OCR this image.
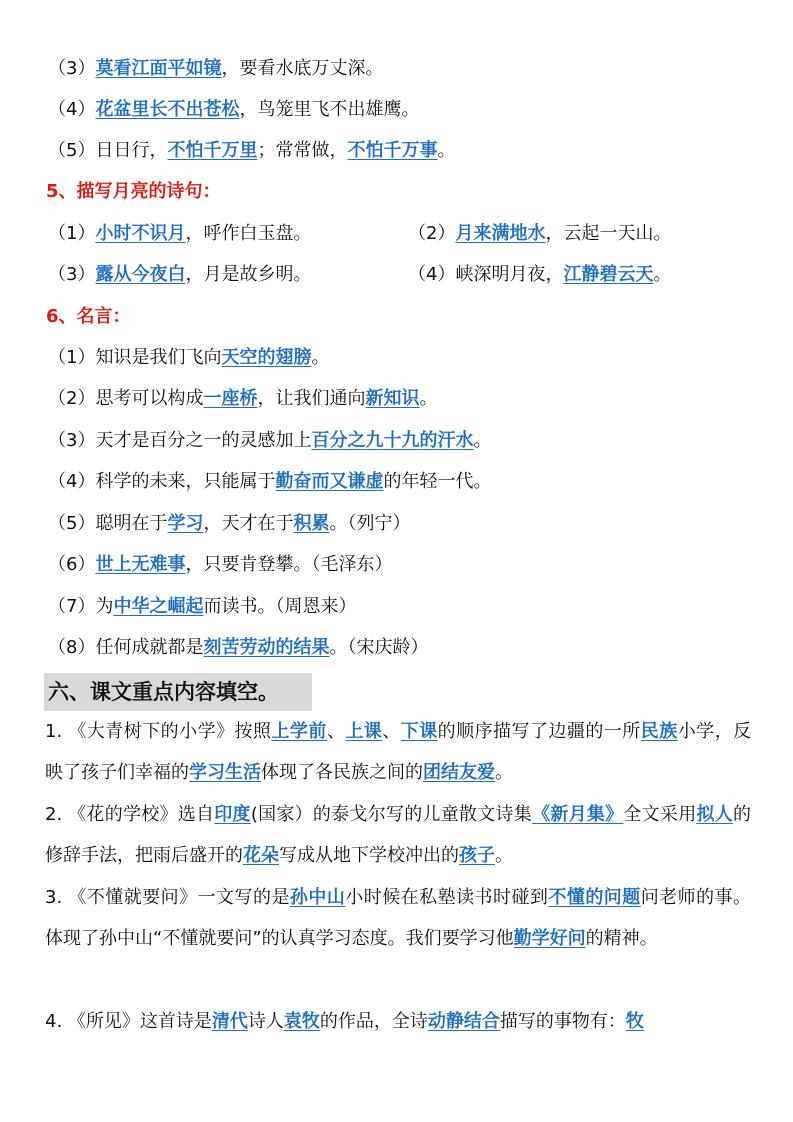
（3）莫看江面平如镜，要看水底万丈深。
（4）花盆里长不出苍松，鸟笼里飞不出雄鹰。
（5）日日行，不怕千万里；常常做，不怕千万事。
5、描写月亮的诗句：
（1）小时不识月，呼作白玉盘。	（2）月来满地水，云起一天山。
（3）露从今夜白，月是故乡明。	（4）峡深明月夜，江静碧云天。
6、名言：
（1）知识是我们飞向天空的翅膀。
（2）思考可以构成一座桥，让我们通向新知识。
（3）天才是百分之一的灵感加上百分之九十九的汗水。
（4）科学的未来，只能属于勤奋而又谦虚的年轻一代。
（5）聪明在于学习，天才在于积累。（列宁）
（6）世上无难事，只要肯登攀。（毛泽东）
（7）为中华之崛起而读书。（周恩来）
（8）任何成就都是刻苦劳动的结果。（宋庆龄）
六、课文重点内容填空。
1. 《大青树下的小学》按照上学前、上课、下课的顺序描写了边疆的一所民族小学，反映了孩子们幸福的学习生活体现了各民族之间的团结友爱。
2. 《花的学校》选自印度(国家）的泰戈尔写的儿童散文诗集《新月集》全文采用拟人的修辞手法，把雨后盛开的花朵写成从地下学校冲出的孩子。
3. 《不懂就要问》一文写的是孙中山小时候在私塾读书时碰到不懂的问题问老师的事。体现了孙中山“不懂就要问”的认真学习态度。我们要学习他勤学好问的精神。
4. 《所见》这首诗是清代诗人袁牧的作品，全诗动静结合描写的事物有：牧
